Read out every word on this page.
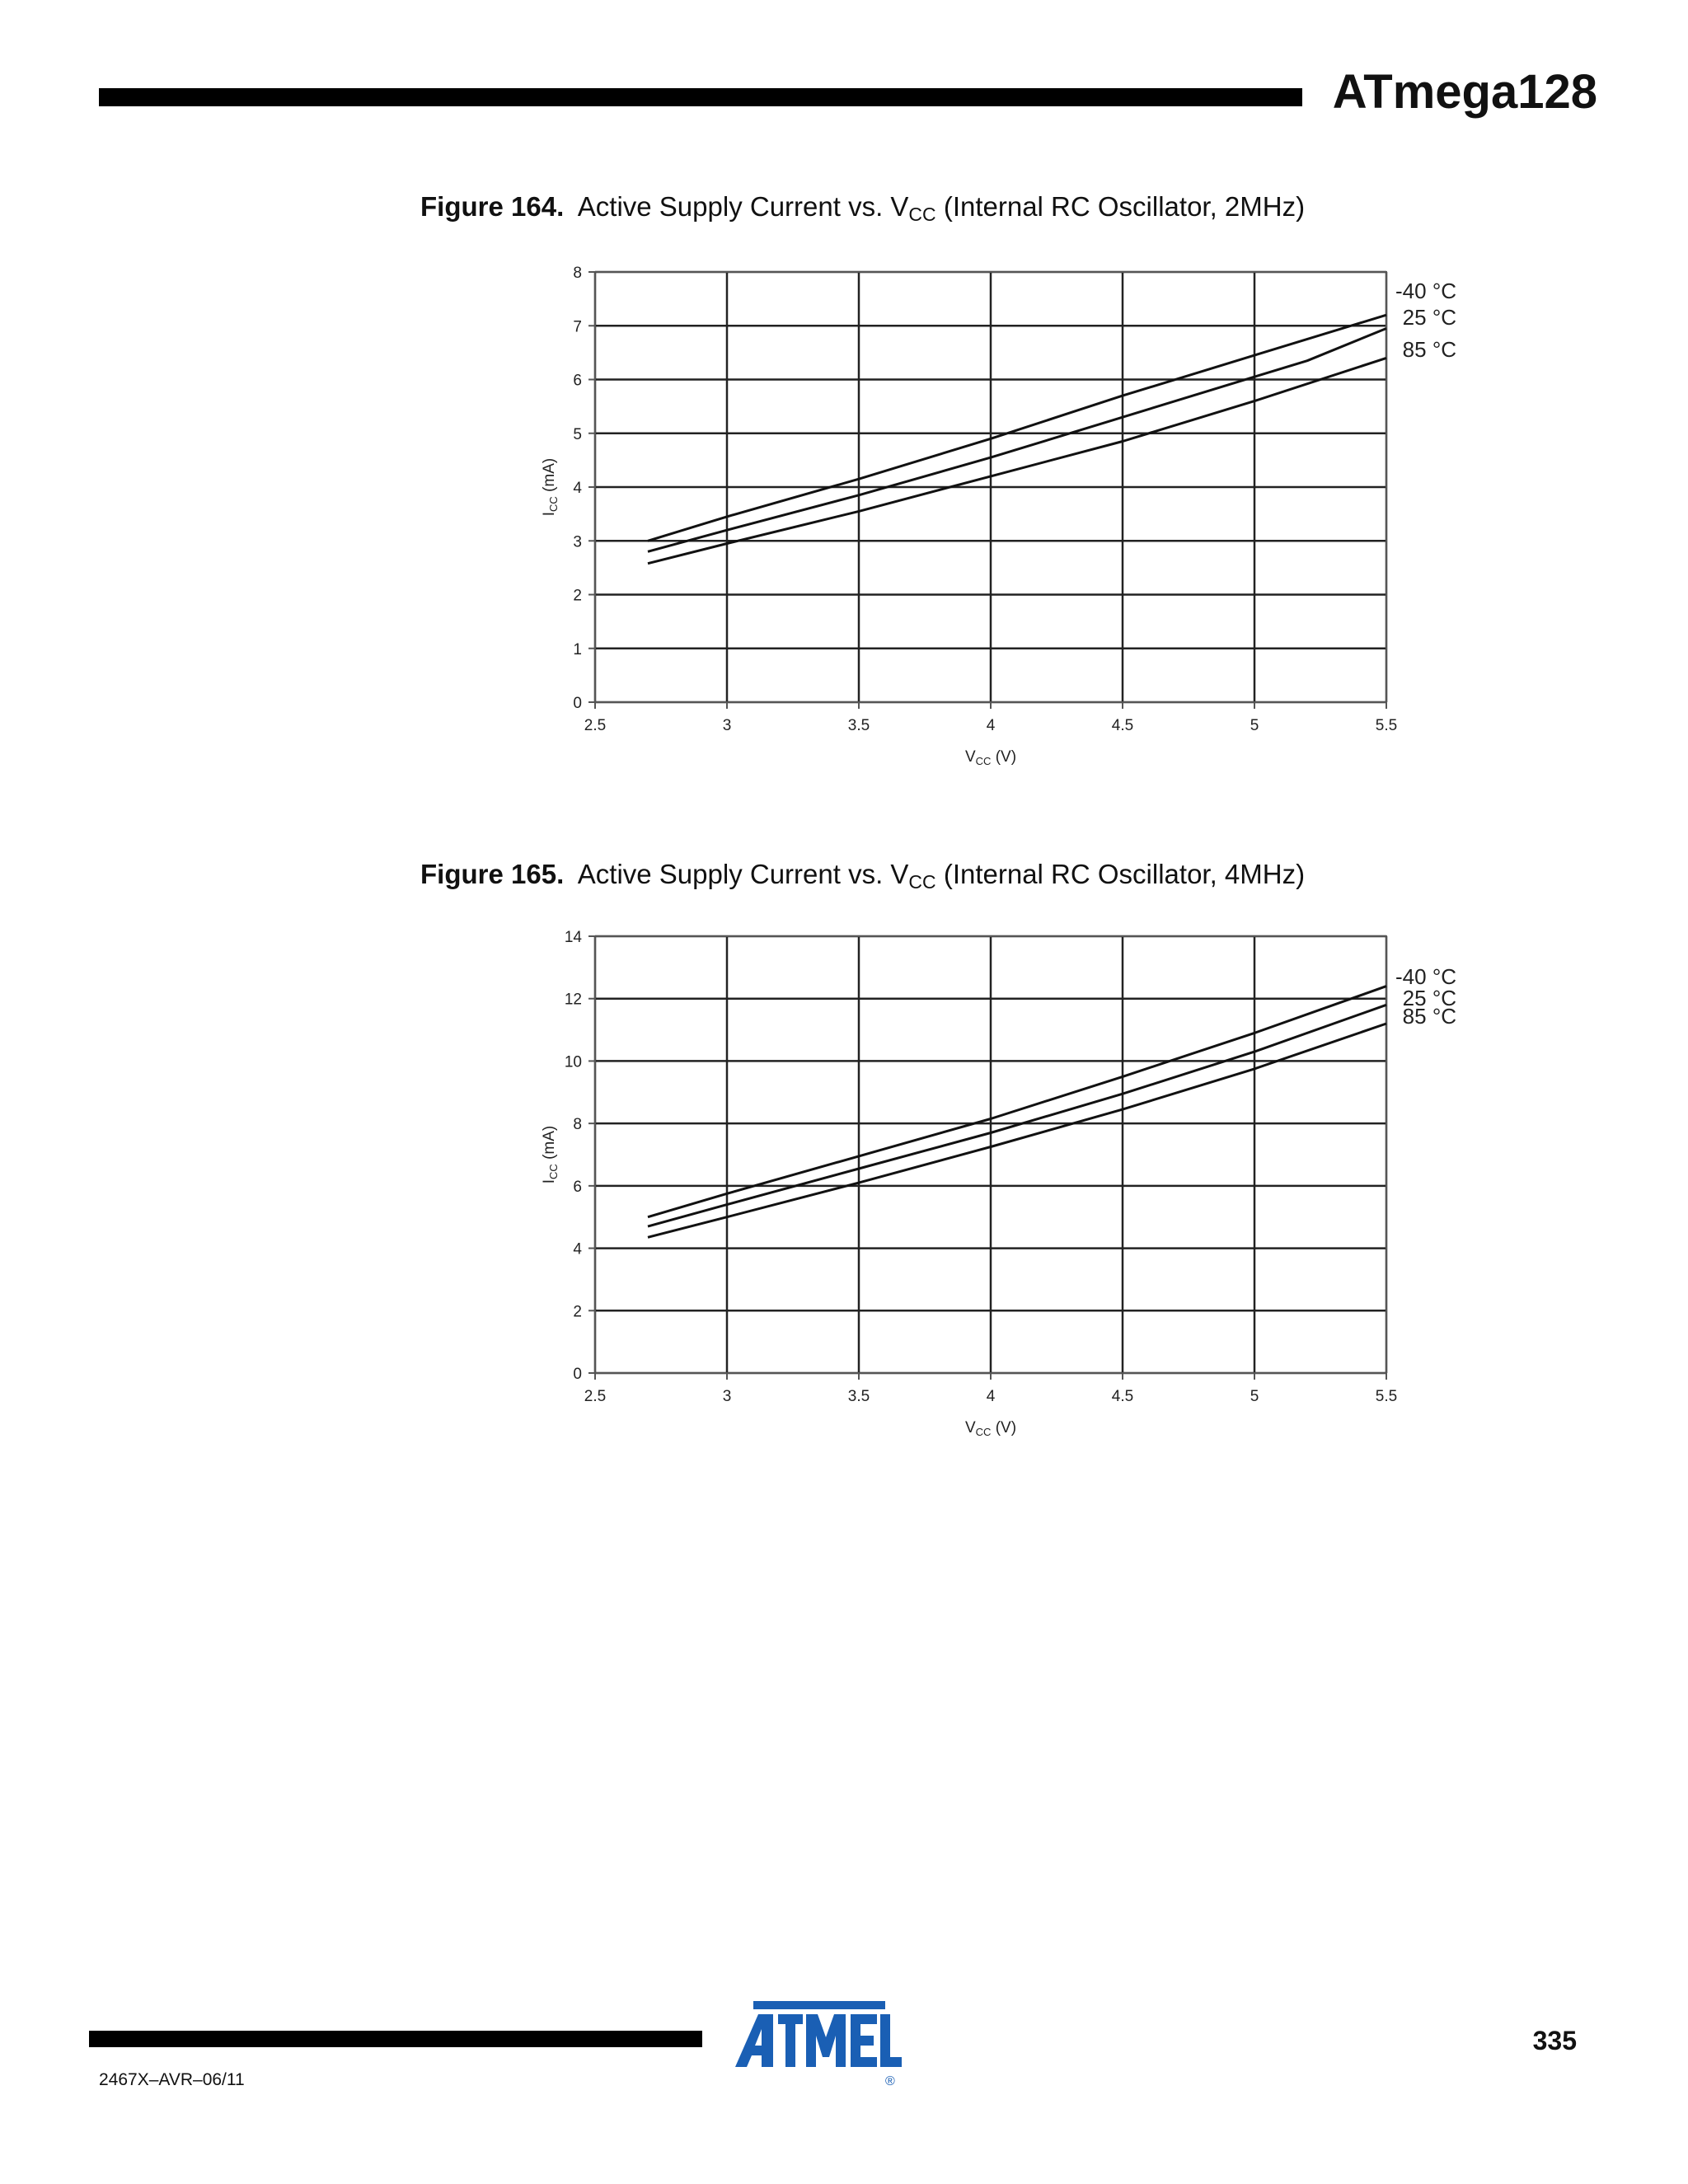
ATmega128
Figure 164. Active Supply Current vs. $V_{CC}$ (Internal RC Oscillator, 2MHz)
2.5	3	3.5	4	4.5	5	5.5
0
1
2
3
4
5
6
7
8
$V_{CC}$ (V)
$I_{CC}$ (mA)
-40 °C
25 °C
85 °C
Figure 165. Active Supply Current vs. $V_{CC}$ (Internal RC Oscillator, 4MHz)
2.5	3	3.5	4	4.5	5	5.5
0
2
4
6
8
10
12
14
$V_{CC}$ (V)
$I_{CC}$ (mA)
-40 °C
25 °C
85 °C
2467X–AVR–06/11
335
®
